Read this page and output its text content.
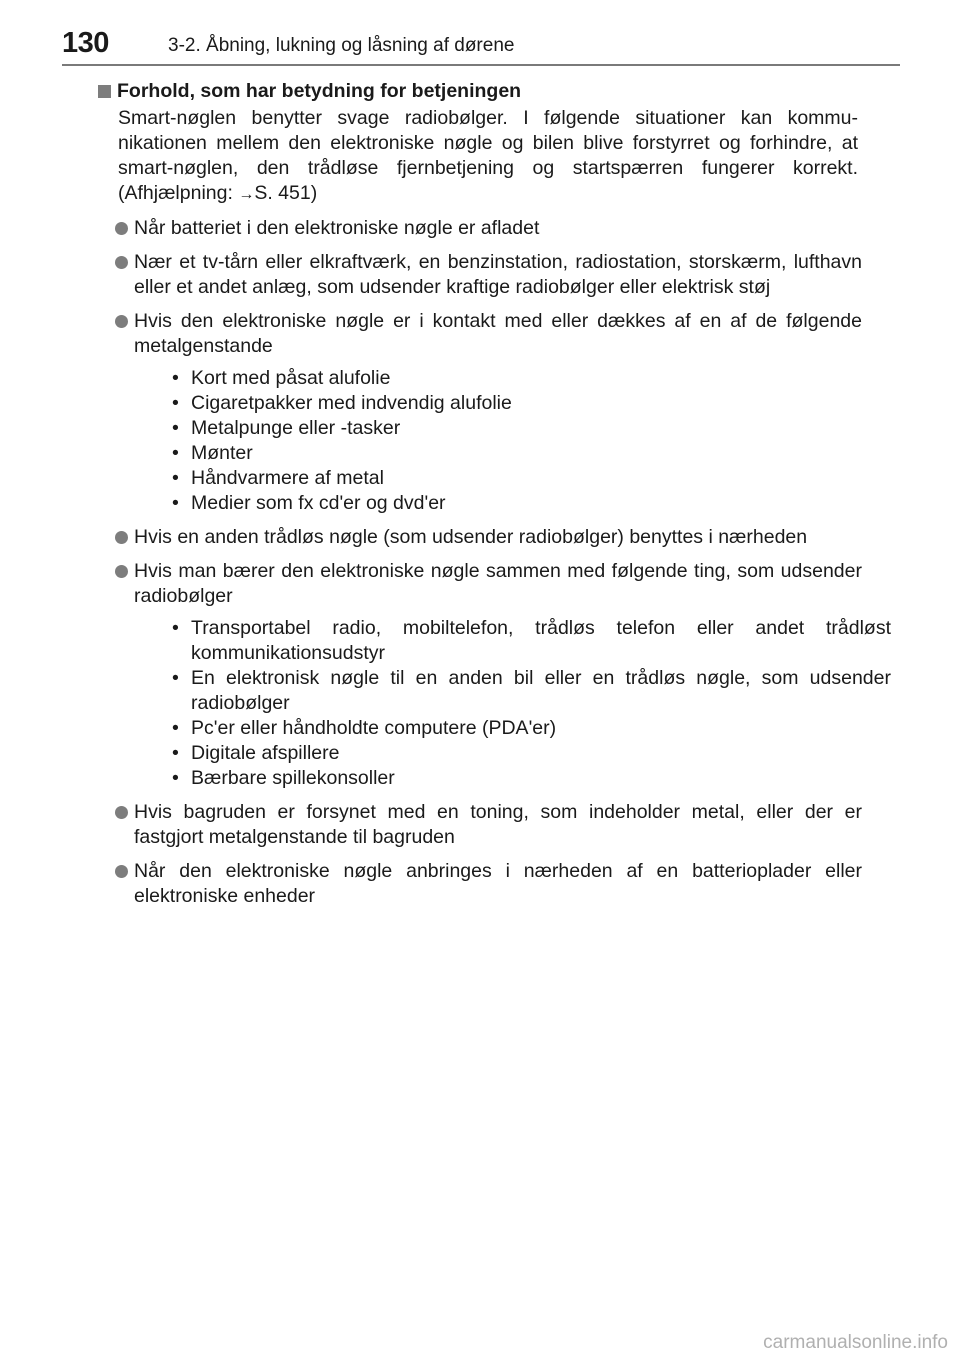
130	3-2. Åbning, lukning og låsning af dørene
Forhold, som har betydning for betjeningen
Smart-nøglen benytter svage radiobølger. I følgende situationer kan kommunikationen mellem den elektroniske nøgle og bilen blive forstyrret og forhindre, at smart-nøglen, den trådløse fjernbetjening og startspærren fungerer korrekt. (Afhjælpning: →S. 451)
Når batteriet i den elektroniske nøgle er afladet
Nær et tv-tårn eller elkraftværk, en benzinstation, radiostation, storskærm, lufthavn eller et andet anlæg, som udsender kraftige radiobølger eller elektrisk støj
Hvis den elektroniske nøgle er i kontakt med eller dækkes af en af de følgende metalgenstande
• Kort med påsat alufolie
• Cigaretpakker med indvendig alufolie
• Metalpunge eller -tasker
• Mønter
• Håndvarmere af metal
• Medier som fx cd'er og dvd'er
Hvis en anden trådløs nøgle (som udsender radiobølger) benyttes i nærheden
Hvis man bærer den elektroniske nøgle sammen med følgende ting, som udsender radiobølger
• Transportabel radio, mobiltelefon, trådløs telefon eller andet trådløst kommunikationsudstyr
• En elektronisk nøgle til en anden bil eller en trådløs nøgle, som udsender radiobølger
• Pc'er eller håndholdte computere (PDA'er)
• Digitale afspillere
• Bærbare spillekonsoller
Hvis bagruden er forsynet med en toning, som indeholder metal, eller der er fastgjort metalgenstande til bagruden
Når den elektroniske nøgle anbringes i nærheden af en batterioplader eller elektroniske enheder
carmanualsonline.info
